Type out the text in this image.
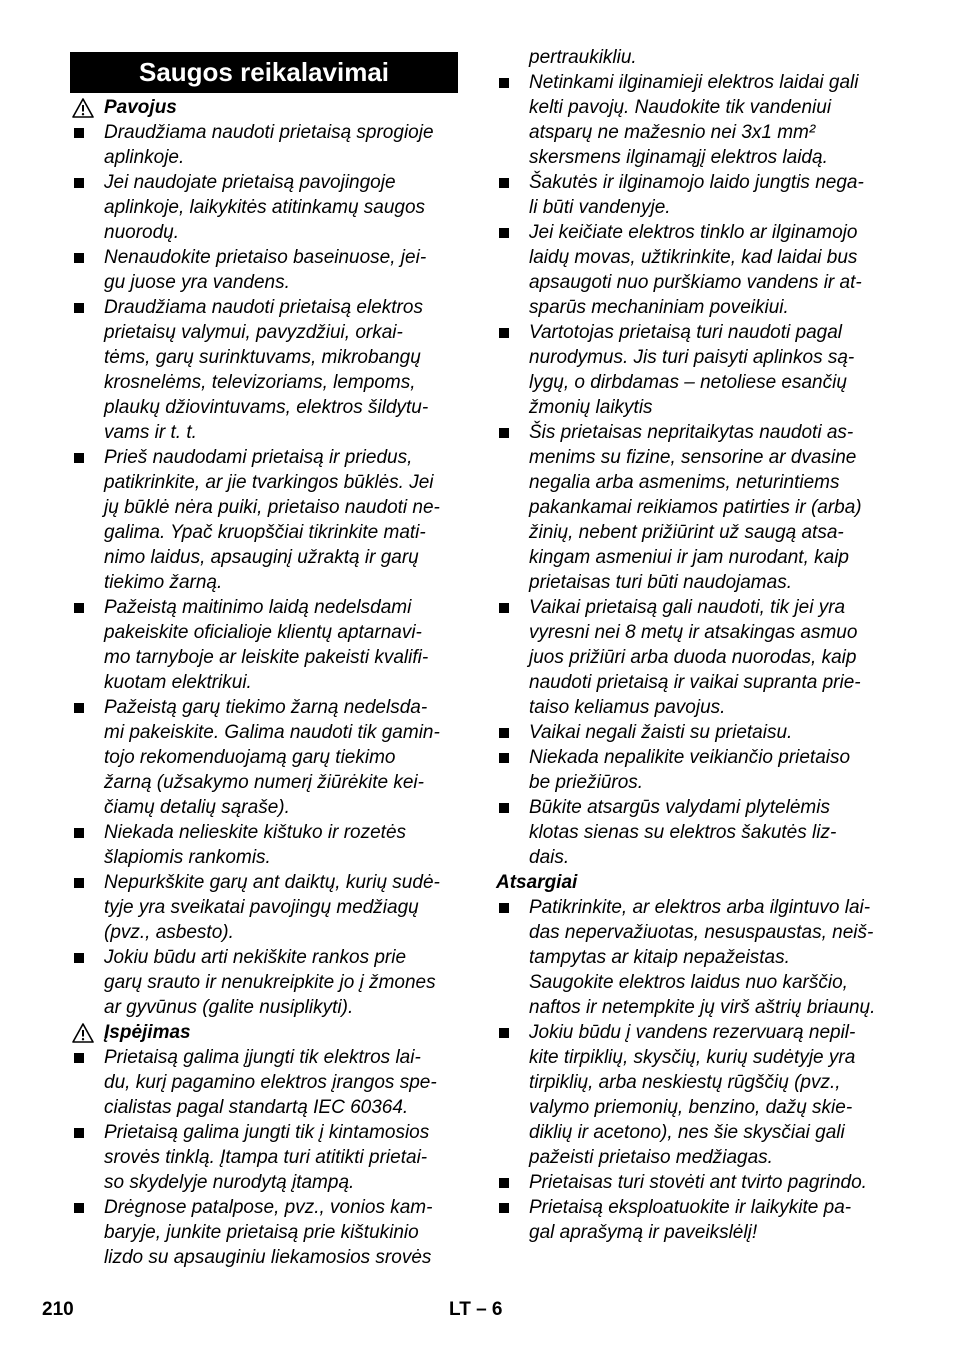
Saugos reikalavimai
Pavojus
Draudžiama naudoti prietaisą sprogioje
aplinkoje.
Jei naudojate prietaisą pavojingoje
aplinkoje, laikykitės atitinkamų saugos
nuorodų.
Nenaudokite prietaiso baseinuose, jei-
gu juose yra vandens.
Draudžiama naudoti prietaisą elektros
prietaisų valymui, pavyzdžiui, orkai-
tėms, garų surinktuvams, mikrobangų
krosnelėms, televizoriams, lempoms,
plaukų džiovintuvams, elektros šildytu-
vams ir t. t.
Prieš naudodami prietaisą ir priedus,
patikrinkite, ar jie tvarkingos būklės. Jei
jų būklė nėra puiki, prietaiso naudoti ne-
galima. Ypač kruopščiai tikrinkite mati-
nimo laidus, apsauginį užraktą ir garų
tiekimo žarną.
Pažeistą maitinimo laidą nedelsdami
pakeiskite oficialioje klientų aptarnavi-
mo tarnyboje ar leiskite pakeisti kvalifi-
kuotam elektrikui.
Pažeistą garų tiekimo žarną nedelsda-
mi pakeiskite. Galima naudoti tik gamin-
tojo rekomenduojamą garų tiekimo
žarną (užsakymo numerį žiūrėkite kei-
čiamų detalių sąraše).
Niekada nelieskite kištuko ir rozetės
šlapiomis rankomis.
Nepurkškite garų ant daiktų, kurių sudė-
tyje yra sveikatai pavojingų medžiagų
(pvz., asbesto).
Jokiu būdu arti nekiškite rankos prie
garų srauto ir nenukreipkite jo į žmones
ar gyvūnus (galite nusiplikyti).
Įspėjimas
Prietaisą galima įjungti tik elektros lai-
du, kurį pagamino elektros įrangos spe-
cialistas pagal standartą IEC 60364.
Prietaisą galima jungti tik į kintamosios
srovės tinklą. Įtampa turi atitikti prietai-
so skydelyje nurodytą įtampą.
Drėgnose patalpose, pvz., vonios kam-
baryje, junkite prietaisą prie kištukinio
lizdo su apsauginiu liekamosios srovės
pertraukikliu.
Netinkami ilginamieji elektros laidai gali
kelti pavojų. Naudokite tik vandeniui
atsparų ne mažesnio nei 3x1 mm²
skersmens ilginamąjį elektros laidą.
Šakutės ir ilginamojo laido jungtis nega-
li būti vandenyje.
Jei keičiate elektros tinklo ar ilginamojo
laidų movas, užtikrinkite, kad laidai bus
apsaugoti nuo purškiamo vandens ir at-
sparūs mechaniniam poveikiui.
Vartotojas prietaisą turi naudoti pagal
nurodymus. Jis turi paisyti aplinkos są-
lygų, o dirbdamas – netoliese esančių
žmonių laikytis
Šis prietaisas nepritaikytas naudoti as-
menims su fizine, sensorine ar dvasine
negalia arba asmenims, neturintiems
pakankamai reikiamos patirties ir (arba)
žinių, nebent prižiūrint už saugą atsa-
kingam asmeniui ir jam nurodant, kaip
prietaisas turi būti naudojamas.
Vaikai prietaisą gali naudoti, tik jei yra
vyresni nei 8 metų ir atsakingas asmuo
juos prižiūri arba duoda nuorodas, kaip
naudoti prietaisą ir vaikai supranta prie-
taiso keliamus pavojus.
Vaikai negali žaisti su prietaisu.
Niekada nepalikite veikiančio prietaiso
be priežiūros.
Būkite atsargūs valydami plytelėmis
klotas sienas su elektros šakutės liz-
dais.
Atsargiai
Patikrinkite, ar elektros arba ilgintuvo lai-
das nepervažiuotas, nesuspaustas, neiš-
tampytas ar kitaip nepažeistas.
Saugokite elektros laidus nuo karščio,
naftos ir netempkite jų virš aštrių briaunų.
Jokiu būdu į vandens rezervuarą nepil-
kite tirpiklių, skysčių, kurių sudėtyje yra
tirpiklių, arba neskiestų rūgščių (pvz.,
valymo priemonių, benzino, dažų skie-
diklių ir acetono), nes šie skysčiai gali
pažeisti prietaiso medžiagas.
Prietaisas turi stovėti ant tvirto pagrindo.
Prietaisą eksploatuokite ir laikykite pa-
gal aprašymą ir paveikslėlį!
210	LT – 6
